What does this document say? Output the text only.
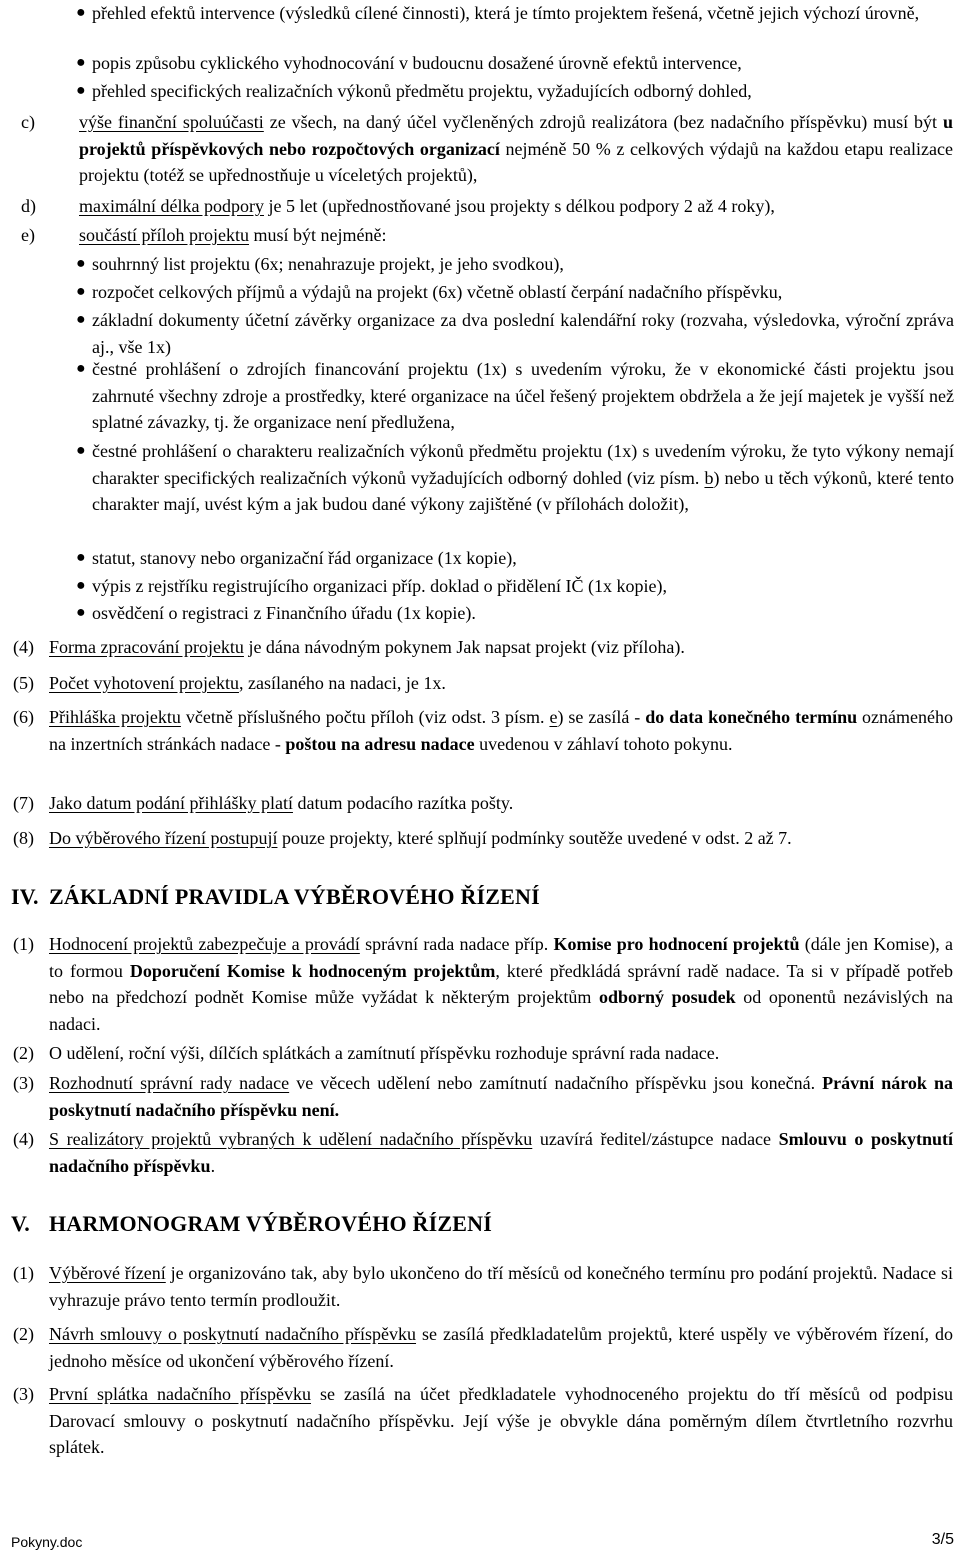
● přehled efektů intervence (výsledků cílené činnosti), která je tímto projektem řešená, včetně jejich výchozí úrovně,

● popis způsobu cyklického vyhodnocování v budoucnu dosažené úrovně efektů intervence,

● přehled specifických realizačních výkonů předmětu projektu, vyžadujících odborný dohled,

c) výše finanční spoluúčasti ze všech, na daný účel vyčleněných zdrojů realizátora (bez nadačního příspěvku) musí být u projektů příspěvkových nebo rozpočtových organizací nejméně 50 % z celkových výdajů na každou etapu realizace projektu (totéž se upřednostňuje u víceletých projektů),
d) maximální délka podpory je 5 let (upřednostňované jsou projekty s délkou podpory 2 až 4 roky),
e) součástí příloh projektu musí být nejméně:

● souhrnný list projektu (6x; nenahrazuje projekt, je jeho svodkou),

● rozpočet celkových příjmů a výdajů na projekt (6x) včetně oblastí čerpání nadačního příspěvku,

● základní dokumenty účetní závěrky organizace za dva poslední kalendářní roky (rozvaha, výsledovka, výroční zpráva aj., vše 1x)

● čestné prohlášení o zdrojích financování projektu (1x) s uvedením výroku, že v ekonomické části projektu jsou zahrnuté všechny zdroje a prostředky, které organizace na účel řešený projektem obdržela a že její majetek je vyšší než splatné závazky, tj. že organizace není předlužena,

● čestné prohlášení o charakteru realizačních výkonů předmětu projektu (1x) s uvedením výroku, že tyto výkony nemají charakter specifických realizačních výkonů vyžadujících odborný dohled (viz písm. b) nebo u těch výkonů, které tento charakter mají, uvést kým a jak budou dané výkony zajištěné (v přílohách doložit),

● statut, stanovy nebo organizační řád organizace (1x kopie),

● výpis z rejstříku registrujícího organizaci příp. doklad o přidělení IČ (1x kopie),

● osvědčení o registraci z Finančního úřadu (1x kopie).

(4) Forma zpracování projektu je dána návodným pokynem Jak napsat projekt (viz příloha).
(5) Počet vyhotovení projektu, zasílaného na nadaci, je 1x.
(6) Přihláška projektu včetně příslušného počtu příloh (viz odst. 3 písm. e) se zasílá - do data konečného termínu oznámeného na inzertních stránkách nadace - poštou na adresu nadace uvedenou v záhlaví tohoto pokynu.
(7) Jako datum podání přihlášky platí datum podacího razítka pošty.
(8) Do výběrového řízení postupují pouze projekty, které splňují podmínky soutěže uvedené v odst. 2 až 7.
IV. ZÁKLADNÍ PRAVIDLA VÝBĚROVÉHO ŘÍZENÍ
(1) Hodnocení projektů zabezpečuje a provádí správní rada nadace příp. Komise pro hodnocení projektů (dále jen Komise), a to formou Doporučení Komise k hodnoceným projektům, které předkládá správní radě nadace. Ta si v případě potřeb nebo na předchozí podnět Komise může vyžádat k některým projektům odborný posudek od oponentů nezávislých na nadaci.
(2) O udělení, roční výši, dílčích splátkách a zamítnutí příspěvku rozhoduje správní rada nadace.
(3) Rozhodnutí správní rady nadace ve věcech udělení nebo zamítnutí nadačního příspěvku jsou konečná. Právní nárok na poskytnutí nadačního příspěvku není.
(4) S realizátory projektů vybraných k udělení nadačního příspěvku uzavírá ředitel/zástupce nadace Smlouvu o poskytnutí nadačního příspěvku.
V. HARMONOGRAM VÝBĚROVÉHO ŘÍZENÍ
(1) Výběrové řízení je organizováno tak, aby bylo ukončeno do tří měsíců od konečného termínu pro podání projektů. Nadace si vyhrazuje právo tento termín prodloužit.
(2) Návrh smlouvy o poskytnutí nadačního příspěvku se zasílá předkladatelům projektů, které uspěly ve výběrovém řízení, do jednoho měsíce od ukončení výběrového řízení.
(3) První splátka nadačního příspěvku se zasílá na účet předkladatele vyhodnoceného projektu do tří měsíců od podpisu Darovací smlouvy o poskytnutí nadačního příspěvku. Její výše je obvykle dána poměrným dílem čtvrtletního rozvrhu splátek.
Pokyny.doc	3/5
